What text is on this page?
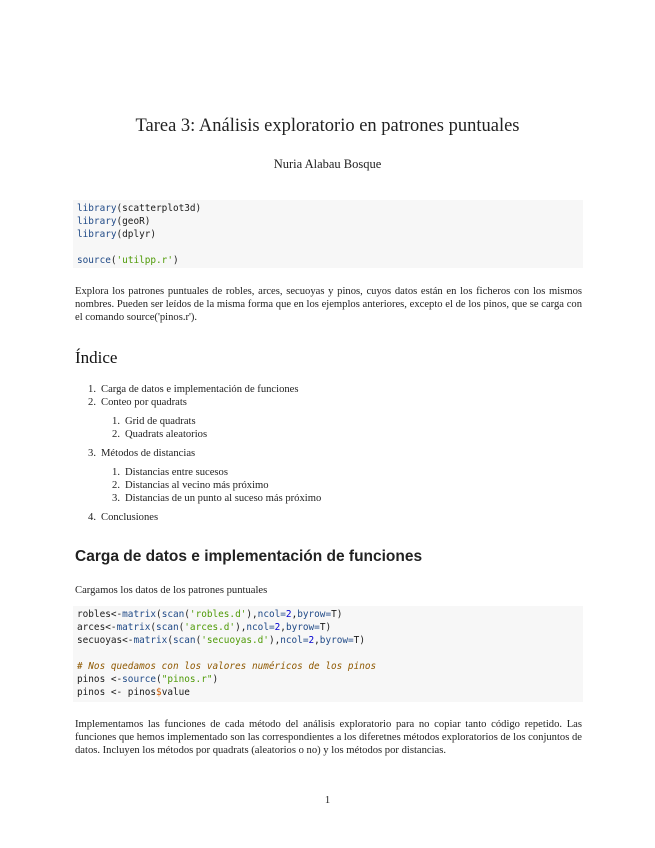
Tarea 3: Análisis exploratorio en patrones puntuales
Nuria Alabau Bosque
library(scatterplot3d)
library(geoR)
library(dplyr)
source('utilpp.r')
Explora los patrones puntuales de robles, arces, secuoyas y pinos, cuyos datos están en los ficheros con los mismos nombres. Pueden ser leídos de la misma forma que en los ejemplos anteriores, excepto el de los pinos, que se carga con el comando source('pinos.r').
Índice
1. Carga de datos e implementación de funciones
2. Conteo por quadrats
1. Grid de quadrats
2. Quadrats aleatorios
3. Métodos de distancias
1. Distancias entre sucesos
2. Distancias al vecino más próximo
3. Distancias de un punto al suceso más próximo
4. Conclusiones
Carga de datos e implementación de funciones
Cargamos los datos de los patrones puntuales
robles<-matrix(scan('robles.d'),ncol=2,byrow=T)
arces<-matrix(scan('arces.d'),ncol=2,byrow=T)
secuoyas<-matrix(scan('secuoyas.d'),ncol=2,byrow=T)
# Nos quedamos con los valores numéricos de los pinos
pinos <-source("pinos.r")
pinos <- pinos$value
Implementamos las funciones de cada método del análisis exploratorio para no copiar tanto código repetido. Las funciones que hemos implementado son las correspondientes a los diferetnes métodos exploratorios de los conjuntos de datos. Incluyen los métodos por quadrats (aleatorios o no) y los métodos por distancias.
1
